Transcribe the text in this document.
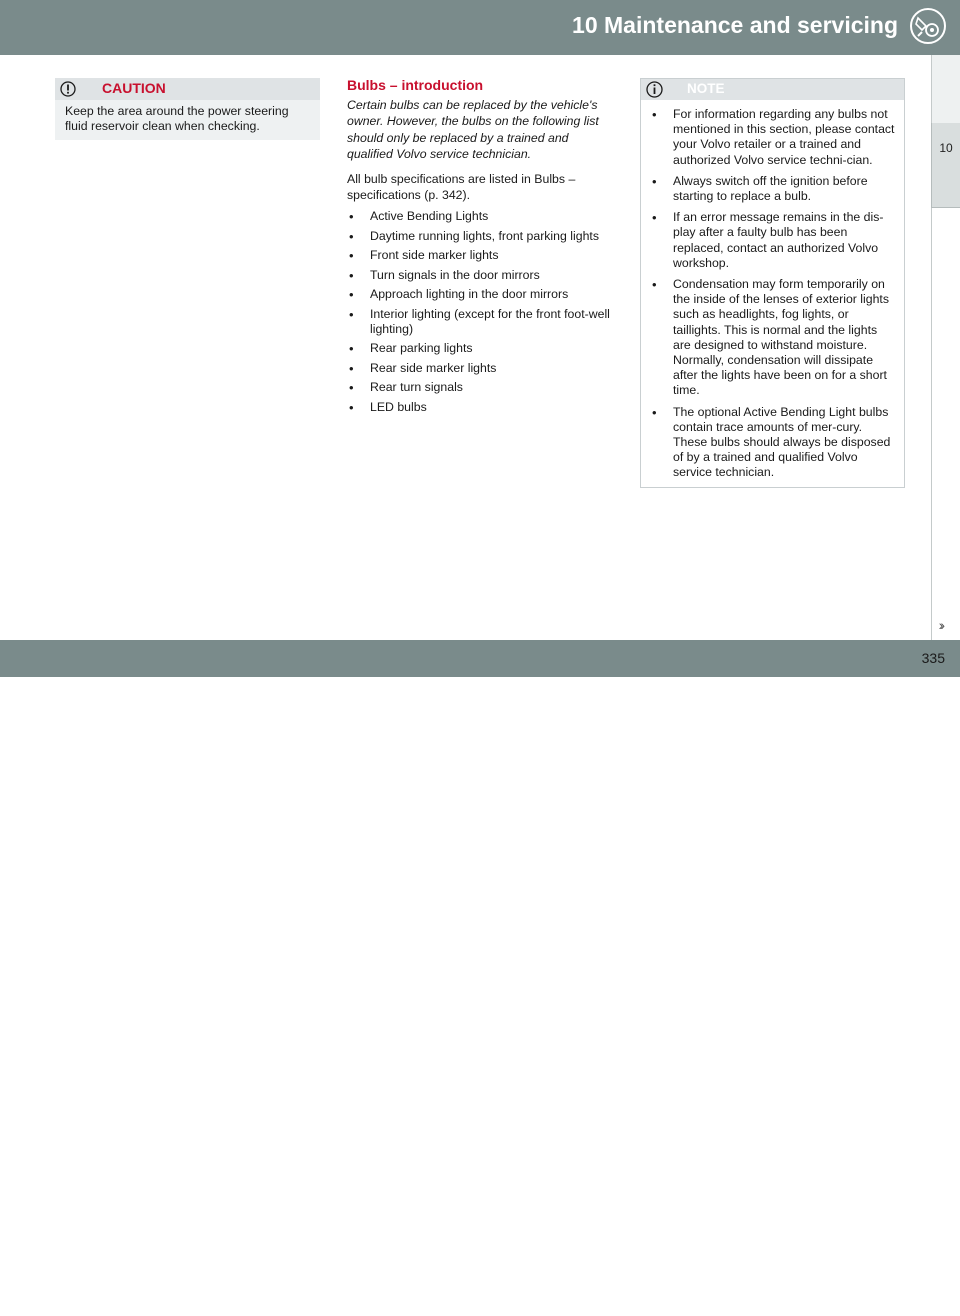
10 Maintenance and servicing
10
CAUTION
Keep the area around the power steering fluid reservoir clean when checking.
Bulbs – introduction

Certain bulbs can be replaced by the vehicle's owner. However, the bulbs on the following list should only be replaced by a trained and qualified Volvo service technician.

All bulb specifications are listed in Bulbs – specifications (p. 342).

• Active Bending Lights
• Daytime running lights, front parking lights
• Front side marker lights
• Turn signals in the door mirrors
• Approach lighting in the door mirrors
• Interior lighting (except for the front foot-well lighting)
• Rear parking lights
• Rear side marker lights
• Rear turn signals
• LED bulbs
NOTE
• For information regarding any bulbs not mentioned in this section, please contact your Volvo retailer or a trained and authorized Volvo service techni-cian.
• Always switch off the ignition before starting to replace a bulb.
• If an error message remains in the dis-play after a faulty bulb has been replaced, contact an authorized Volvo workshop.
• Condensation may form temporarily on the inside of the lenses of exterior lights such as headlights, fog lights, or taillights. This is normal and the lights are designed to withstand moisture. Normally, condensation will dissipate after the lights have been on for a short time.
• The optional Active Bending Light bulbs contain trace amounts of mer-cury. These bulbs should always be disposed of by a trained and qualified Volvo service technician.
››
carmanualsonline.info
335
